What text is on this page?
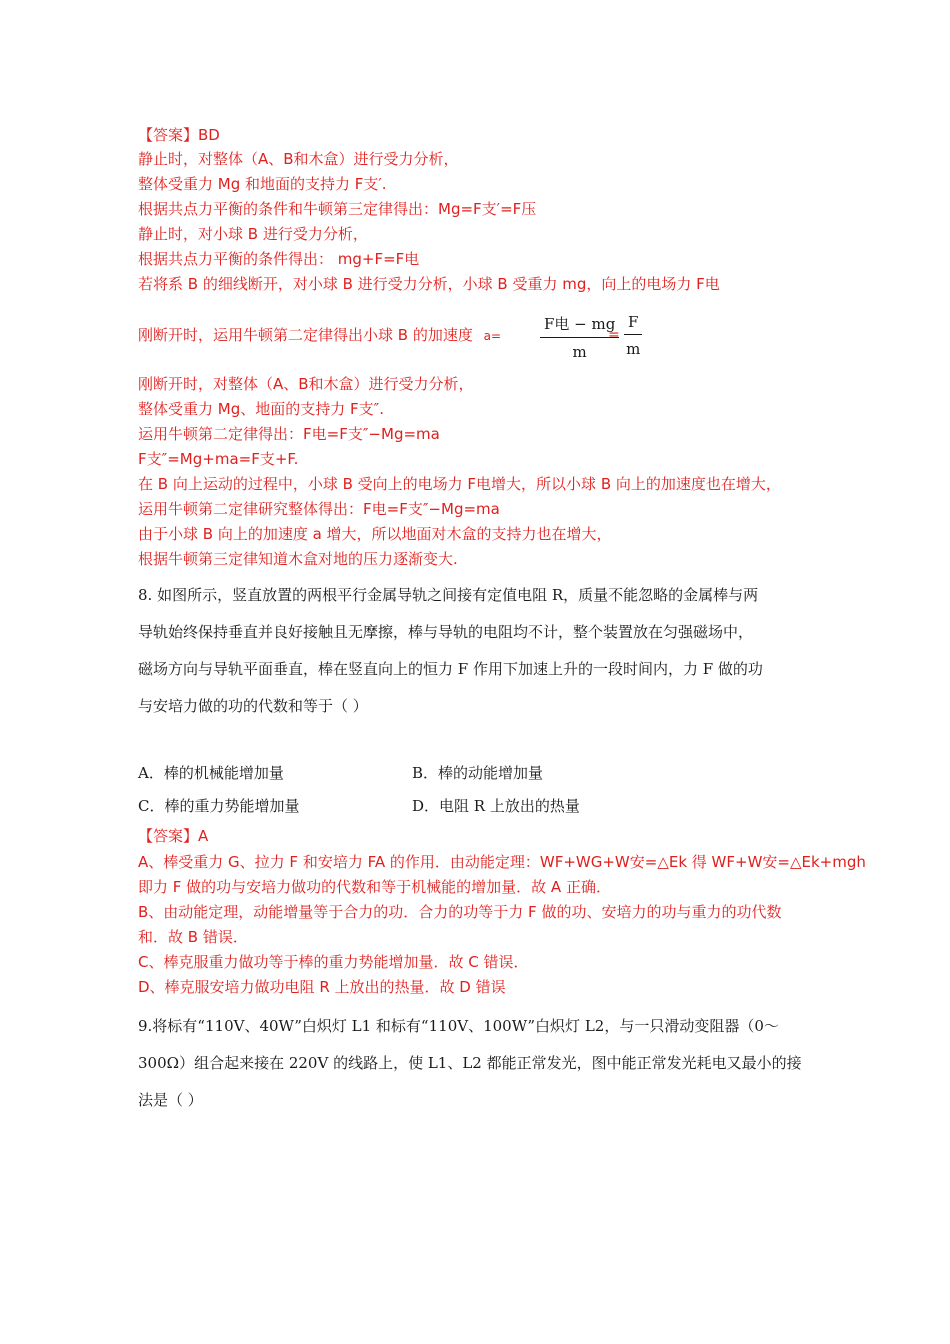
【答案】BD
静止时，对整体（A、B和木盒）进行受力分析，
整体受重力 Mg 和地面的支持力 F支′.
根据共点力平衡的条件和牛顿第三定律得出：Mg=F支′=F压
静止时，对小球 B 进行受力分析，
根据共点力平衡的条件得出： mg+F=F电
若将系 B 的细线断开，对小球 B 进行受力分析，小球 B 受重力 mg，向上的电场力 F电
刚断开时，运用牛顿第二定律得出小球 B 的加速度 a=
F电 − mg
m
= $\frac{F}{m}$
刚断开时，对整体（A、B和木盒）进行受力分析，
整体受重力 Mg、地面的支持力 F支″.
运用牛顿第二定律得出：F电=F支″−Mg=ma
F支″=Mg+ma=F支+F.
在 B 向上运动的过程中，小球 B 受向上的电场力 F电增大，所以小球 B 向上的加速度也在增大，
运用牛顿第二定律研究整体得出：F电=F支″−Mg=ma
由于小球 B 向上的加速度 a 增大，所以地面对木盒的支持力也在增大，
根据牛顿第三定律知道木盒对地的压力逐渐变大.
8. 如图所示，竖直放置的两根平行金属导轨之间接有定值电阻 R，质量不能忽略的金属棒与两
导轨始终保持垂直并良好接触且无摩擦，棒与导轨的电阻均不计，整个装置放在匀强磁场中，
磁场方向与导轨平面垂直，棒在竖直向上的恒力 F 作用下加速上升的一段时间内，力 F 做的功
与安培力做的功的代数和等于（ ）
A．棒的机械能增加量	B．棒的动能增加量
C．棒的重力势能增加量	D．电阻 R 上放出的热量
【答案】A
A、棒受重力 G、拉力 F 和安培力 FA 的作用．由动能定理：WF+WG+W安=△Ek 得 WF+W安=△Ek+mgh
即力 F 做的功与安培力做功的代数和等于机械能的增加量．故 A 正确．
B、由动能定理，动能增量等于合力的功．合力的功等于力 F 做的功、安培力的功与重力的功代数
和．故 B 错误．
C、棒克服重力做功等于棒的重力势能增加量．故 C 错误．
D、棒克服安培力做功电阻 R 上放出的热量．故 D 错误
9.将标有“110V、40W”白炽灯 L1 和标有“110V、100W”白炽灯 L2，与一只滑动变阻器（0～
300Ω）组合起来接在 220V 的线路上，使 L1、L2 都能正常发光，图中能正常发光耗电又最小的接
法是（ ）
